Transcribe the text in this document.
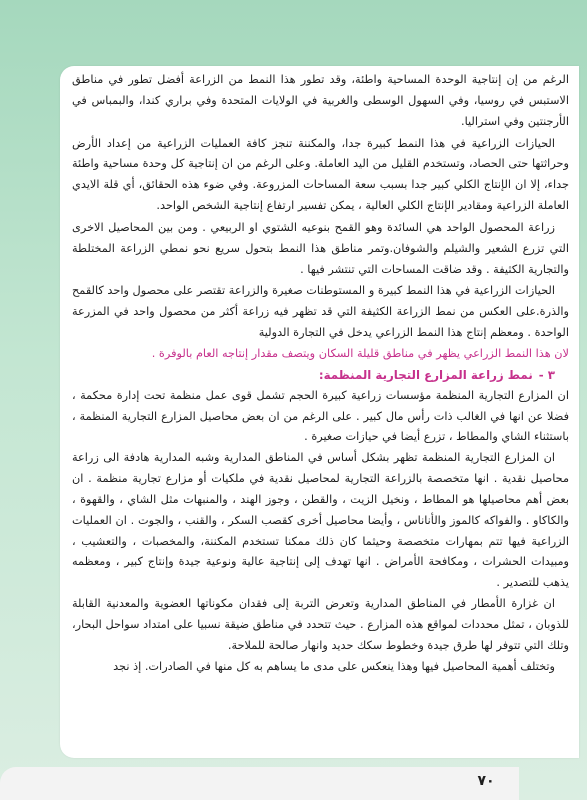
الرغم من إن إنتاجية الوحدة المساحية واطئة، وقد تطور هذا النمط من الزراعة أفضل تطور في مناطق الاستبس في روسيا، وفي السهول الوسطى والغربية في الولايات المتحدة وفي براري كندا، والبمباس في الأرجنتين وفي استراليا.

الحيازات الزراعية في هذا النمط كبيرة جدا، والمكننة تنجز كافة العمليات الزراعية من إعداد الأرض وحراثتها حتى الحصاد، وتستخدم القليل من اليد العاملة. وعلى الرغم من ان إنتاجية كل وحدة مساحية واطئة جداء، إلا ان الإنتاج الكلي كبير جدا بسبب سعة المساحات المزروعة. وفي ضوء هذه الحقائق، أي قلة الايدي العاملة الزراعية ومقادير الإنتاج الكلي العالية ، يمكن تفسير ارتفاع إنتاجية الشخص الواحد.

زراعة المحصول الواحد هي السائدة وهو القمح بنوعيه الشتوي او الربيعي . ومن بين المحاصيل الاخرى التي تزرع الشعير والشيلم والشوفان.وتمر مناطق هذا النمط بتحول سريع نحو نمطي الزراعة المختلطة والتجارية الكثيفة . وقد ضاقت المساحات التي تنتشر فيها .

الحيازات الزراعية في هذا النمط كبيرة و المستوطنات صغيرة والزراعة تقتصر على محصول واحد كالقمح والذرة.على العكس من نمط الزراعة الكثيفة التي قد تظهر فيه زراعة أكثر من محصول واحد في المزرعة الواحدة . ومعظم إنتاج هذا النمط الزراعي يدخل في التجارة الدولية

لان هذا النمط الزراعي يظهر في مناطق قليلة السكان ويتصف مقدار إنتاجه العام بالوفرة .

٣ -نمط زراعة المزارع التجارية المنظمة:

ان المزارع التجارية المنظمة مؤسسات زراعية كبيرة الحجم تشمل قوى عمل منظمة تحت إدارة محكمة ، فضلا عن انها في الغالب ذات رأس مال كبير . على الرغم من ان بعض محاصيل المزارع التجارية المنظمة ، باستثناء الشاي والمطاط ، تزرع أيضا في حيازات صغيرة .

ان المزارع التجارية المنظمة تظهر بشكل أساس في المناطق المدارية وشبه المدارية هادفة الى زراعة محاصيل نقدية . انها متخصصة بالزراعة التجارية لمحاصيل نقدية في ملكيات أو مزارع تجارية منظمة . ان بعض أهم محاصيلها هو المطاط ، ونخيل الزيت ، والقطن ، وجوز الهند ، والمنبهات مثل الشاي ، والقهوة ، والكاكاو . والفواكه كالموز والأناناس ، وأيضا محاصيل أخرى كقصب السكر ، والقنب ، والجوت . ان العمليات الزراعية فيها تتم بمهارات متخصصة وحيثما كان ذلك ممكنا تستخدم المكننة، والمخصبات ، والتعشيب ، ومبيدات الحشرات ، ومكافحة الأمراض . انها تهدف إلى إنتاجية عالية ونوعية جيدة وإنتاج كبير ، ومعظمه يذهب للتصدير .

ان غزارة الأمطار في المناطق المدارية وتعرض التربة إلى فقدان مكوناتها العضوية والمعدنية القابلة للذوبان ، تمثل محددات لمواقع هذه المزارع . حيث تتحدد في مناطق ضيقة نسبيا على امتداد سواحل البحار، وتلك التي تتوفر لها طرق جيدة وخطوط سكك حديد وانهار صالحة للملاحة.

وتختلف أهمية المحاصيل فيها وهذا ينعكس على مدى ما يساهم به كل منها في الصادرات. إذ نجد

٧٠
